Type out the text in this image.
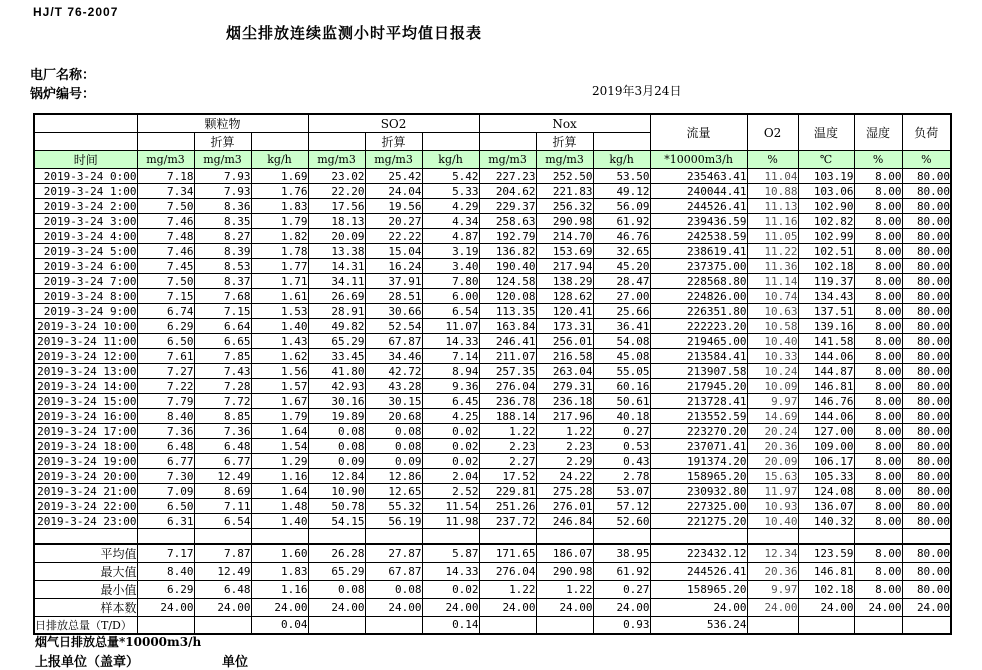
HJ/T 76-2007
烟尘排放连续监测小时平均值日报表
电厂名称：
锅炉编号：	2019年3月24日
	颗粒物			SO2			Nox			流量	O2	温度	湿度	负荷
		折算			折算			折算						
时间	mg/m3	mg/m3	kg/h	mg/m3	mg/m3	kg/h	mg/m3	mg/m3	kg/h	*10000m3/h	%	℃	%	%
2019-3-24 0:00	7.18	7.93	1.69	23.02	25.42	5.42	227.23	252.50	53.50	235463.41	11.04	103.19	8.00	80.00
2019-3-24 1:00	7.34	7.93	1.76	22.20	24.04	5.33	204.62	221.83	49.12	240044.41	10.88	103.06	8.00	80.00
2019-3-24 2:00	7.50	8.36	1.83	17.56	19.56	4.29	229.37	256.32	56.09	244526.41	11.13	102.90	8.00	80.00
2019-3-24 3:00	7.46	8.35	1.79	18.13	20.27	4.34	258.63	290.98	61.92	239436.59	11.16	102.82	8.00	80.00
2019-3-24 4:00	7.48	8.27	1.82	20.09	22.22	4.87	192.79	214.70	46.76	242538.59	11.05	102.99	8.00	80.00
2019-3-24 5:00	7.46	8.39	1.78	13.38	15.04	3.19	136.82	153.69	32.65	238619.41	11.22	102.51	8.00	80.00
2019-3-24 6:00	7.45	8.53	1.77	14.31	16.24	3.40	190.40	217.94	45.20	237375.00	11.36	102.18	8.00	80.00
2019-3-24 7:00	7.50	8.37	1.71	34.11	37.91	7.80	124.58	138.29	28.47	228568.80	11.14	119.37	8.00	80.00
2019-3-24 8:00	7.15	7.68	1.61	26.69	28.51	6.00	120.08	128.62	27.00	224826.00	10.74	134.43	8.00	80.00
2019-3-24 9:00	6.74	7.15	1.53	28.91	30.66	6.54	113.35	120.41	25.66	226351.80	10.63	137.51	8.00	80.00
2019-3-24 10:00	6.29	6.64	1.40	49.82	52.54	11.07	163.84	173.31	36.41	222223.20	10.58	139.16	8.00	80.00
2019-3-24 11:00	6.50	6.65	1.43	65.29	67.87	14.33	246.41	256.01	54.08	219465.00	10.40	141.58	8.00	80.00
2019-3-24 12:00	7.61	7.85	1.62	33.45	34.46	7.14	211.07	216.58	45.08	213584.41	10.33	144.06	8.00	80.00
2019-3-24 13:00	7.27	7.43	1.56	41.80	42.72	8.94	257.35	263.04	55.05	213907.58	10.24	144.87	8.00	80.00
2019-3-24 14:00	7.22	7.28	1.57	42.93	43.28	9.36	276.04	279.31	60.16	217945.20	10.09	146.81	8.00	80.00
2019-3-24 15:00	7.79	7.72	1.67	30.16	30.15	6.45	236.78	236.18	50.61	213728.41	9.97	146.76	8.00	80.00
2019-3-24 16:00	8.40	8.85	1.79	19.89	20.68	4.25	188.14	217.96	40.18	213552.59	14.69	144.06	8.00	80.00
2019-3-24 17:00	7.36	7.36	1.64	0.08	0.08	0.02	1.22	1.22	0.27	223270.20	20.24	127.00	8.00	80.00
2019-3-24 18:00	6.48	6.48	1.54	0.08	0.08	0.02	2.23	2.23	0.53	237071.41	20.36	109.00	8.00	80.00
2019-3-24 19:00	6.77	6.77	1.29	0.09	0.09	0.02	2.27	2.29	0.43	191374.20	20.09	106.17	8.00	80.00
2019-3-24 20:00	7.30	12.49	1.16	12.84	12.86	2.04	17.52	24.22	2.78	158965.20	15.63	105.33	8.00	80.00
2019-3-24 21:00	7.09	8.69	1.64	10.90	12.65	2.52	229.81	275.28	53.07	230932.80	11.97	124.08	8.00	80.00
2019-3-24 22:00	6.50	7.11	1.48	50.78	55.32	11.54	251.26	276.01	57.12	227325.00	10.93	136.07	8.00	80.00
2019-3-24 23:00	6.31	6.54	1.40	54.15	56.19	11.98	237.72	246.84	52.60	221275.20	10.40	140.32	8.00	80.00

平均值	7.17	7.87	1.60	26.28	27.87	5.87	171.65	186.07	38.95	223432.12	12.34	123.59	8.00	80.00
最大值	8.40	12.49	1.83	65.29	67.87	14.33	276.04	290.98	61.92	244526.41	20.36	146.81	8.00	80.00
最小值	6.29	6.48	1.16	0.08	0.08	0.02	1.22	1.22	0.27	158965.20	9.97	102.18	8.00	80.00
样本数	24.00	24.00	24.00	24.00	24.00	24.00	24.00	24.00	24.00	24.00	24.00	24.00	24.00	24.00
日排放总量（T/D）			0.04			0.14			0.93	536.24				
烟气日排放总量*10000m3/h
上报单位（盖章）	单位
